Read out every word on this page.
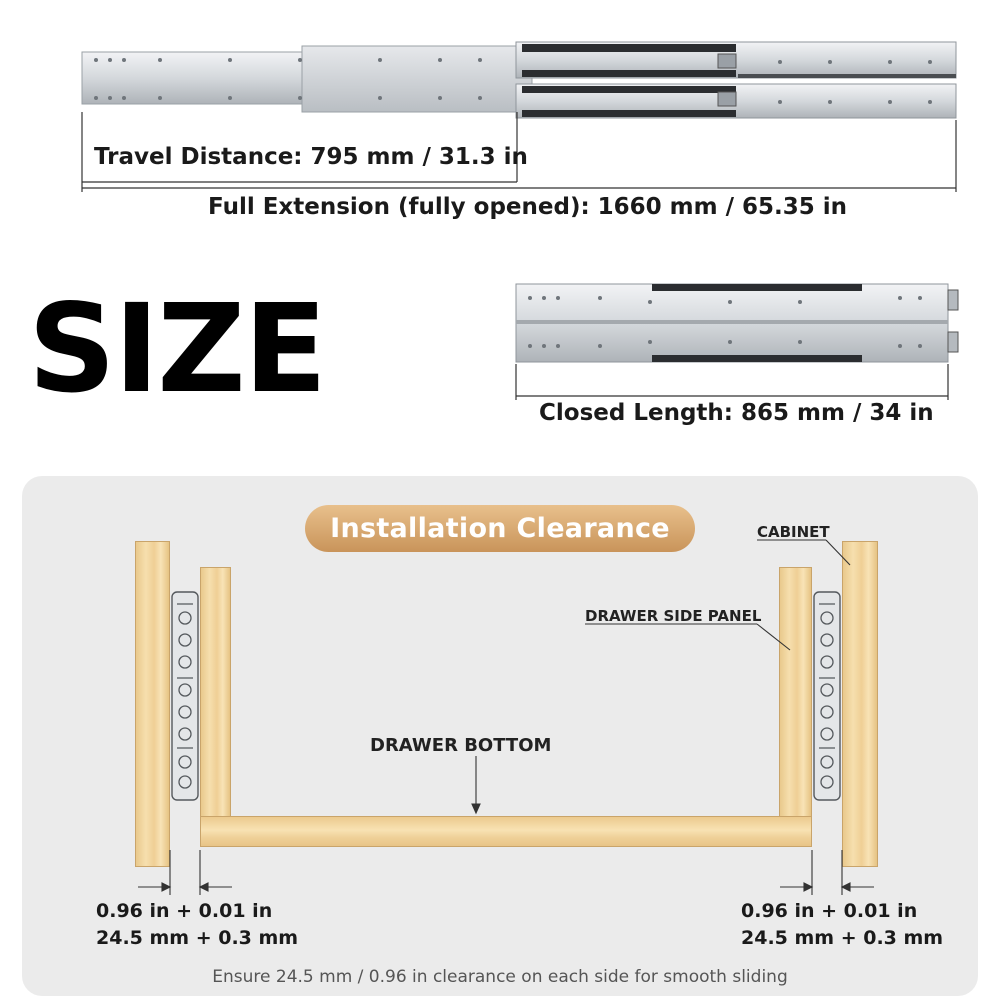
Travel Distance: 795 mm / 31.3 in
Full Extension (fully opened): 1660 mm / 65.35 in
SIZE	Closed Length: 865 mm / 34 in
Installation Clearance	CABINET
DRAWER SIDE PANEL
DRAWER BOTTOM
0.96 in + 0.01 in
24.5 mm + 0.3 mm
0.96 in + 0.01 in
24.5 mm + 0.3 mm
Ensure 24.5 mm / 0.96 in clearance on each side for smooth sliding
